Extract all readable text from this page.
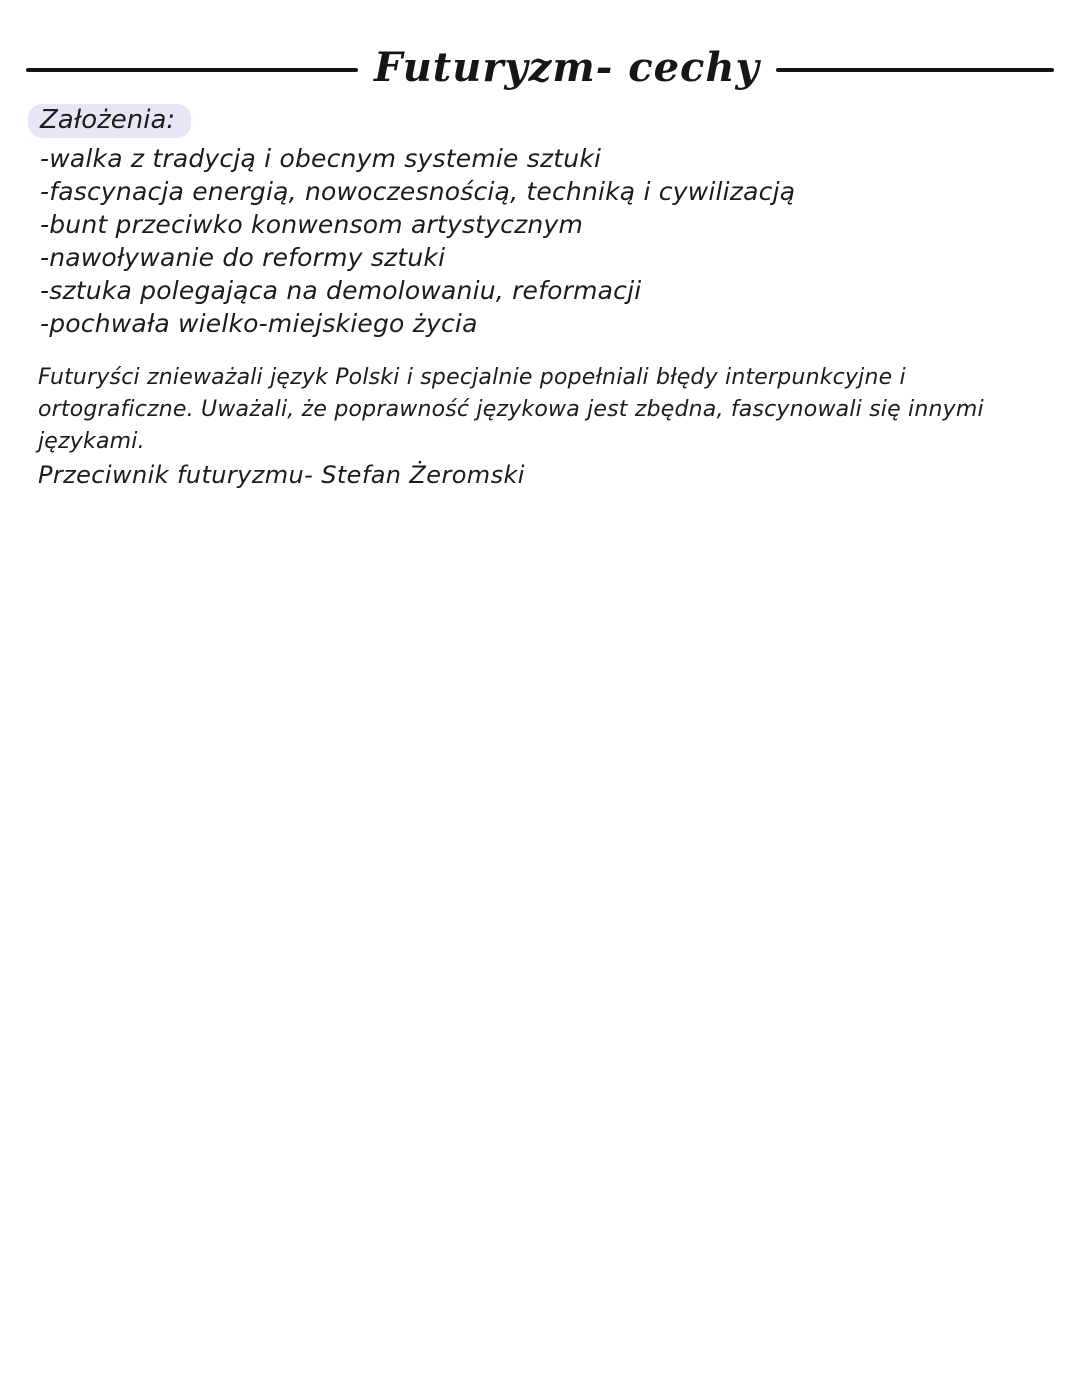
Futuryzm- cechy
Założenia:
-walka z tradycją i obecnym systemie sztuki
-fascynacja energią, nowoczesnością, techniką i cywilizacją
-bunt przeciwko konwensom artystycznym
-nawoływanie do reformy sztuki
-sztuka polegająca na demolowaniu, reformacji
-pochwała wielko-miejskiego życia
Futuryści znieważali język Polski i specjalnie popełniali błędy interpunkcyjne i
ortograficzne. Uważali, że poprawność językowa jest zbędna, fascynowali się innymi
językami.
Przeciwnik futuryzmu- Stefan Żeromski
